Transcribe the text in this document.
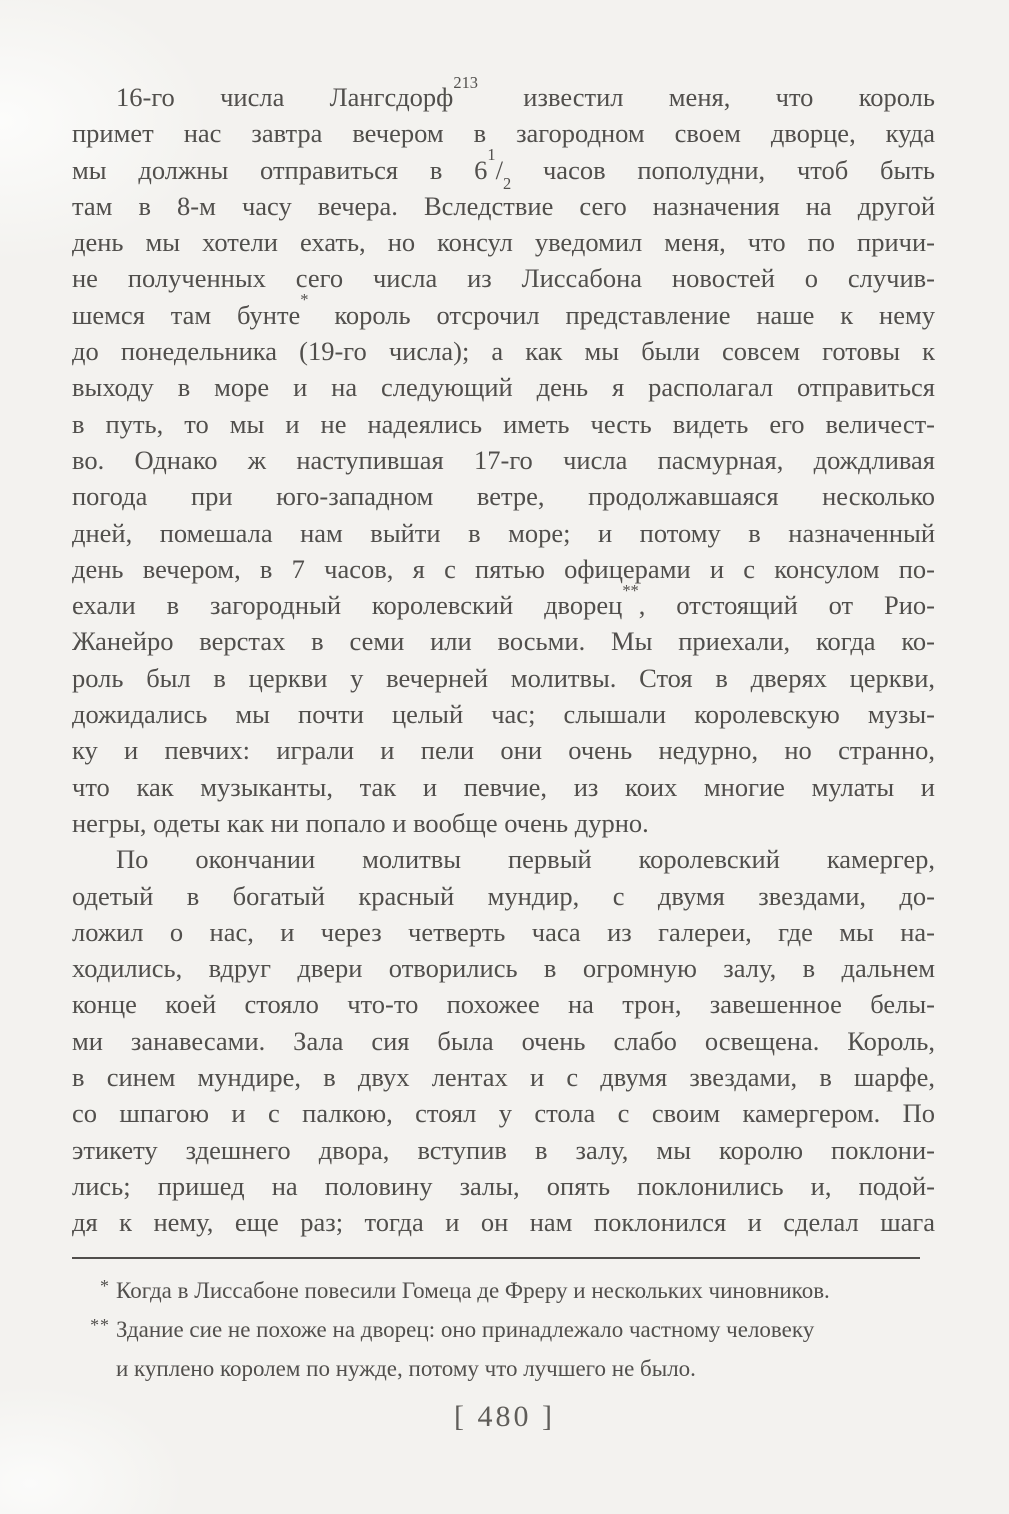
16-го числа Лангсдорф$^{213}$ известил меня, что король
примет нас завтра вечером в загородном своем дворце, куда
мы должны отправиться в $6^1/_2$ часов пополудни, чтоб быть
там в 8-м часу вечера. Вследствие сего назначения на другой
день мы хотели ехать, но консул уведомил меня, что по причи-
не полученных сего числа из Лиссабона новостей о случив-
шемся там бунте* король отсрочил представление наше к нему
до понедельника (19-го числа); а как мы были совсем готовы к
выходу в море и на следующий день я располагал отправиться
в путь, то мы и не надеялись иметь честь видеть его величест-
во. Однако ж наступившая 17-го числа пасмурная, дождливая
погода при юго-западном ветре, продолжавшаяся несколько
дней, помешала нам выйти в море; и потому в назначенный
день вечером, в 7 часов, я с пятью офицерами и с консулом по-
ехали в загородный королевский дворец**, отстоящий от Рио-
Жанейро верстах в семи или восьми. Мы приехали, когда ко-
роль был в церкви у вечерней молитвы. Стоя в дверях церкви,
дожидались мы почти целый час; слышали королевскую музы-
ку и певчих: играли и пели они очень недурно, но странно,
что как музыканты, так и певчие, из коих многие мулаты и
негры, одеты как ни попало и вообще очень дурно.
По окончании молитвы первый королевский камергер,
одетый в богатый красный мундир, с двумя звездами, до-
ложил о нас, и через четверть часа из галереи, где мы на-
ходились, вдруг двери отворились в огромную залу, в дальнем
конце коей стояло что-то похожее на трон, завешенное белы-
ми занавесами. Зала сия была очень слабо освещена. Король,
в синем мундире, в двух лентах и с двумя звездами, в шарфе,
со шпагою и с палкою, стоял у стола с своим камергером. По
этикету здешнего двора, вступив в залу, мы королю поклони-
лись; пришед на половину залы, опять поклонились и, подой-
дя к нему, еще раз; тогда и он нам поклонился и сделал шага
* Когда в Лиссабоне повесили Гомеца де Фреру и нескольких чиновников.
** Здание сие не похоже на дворец: оно принадлежало частному человеку
и куплено королем по нужде, потому что лучшего не было.
[ 480 ]
